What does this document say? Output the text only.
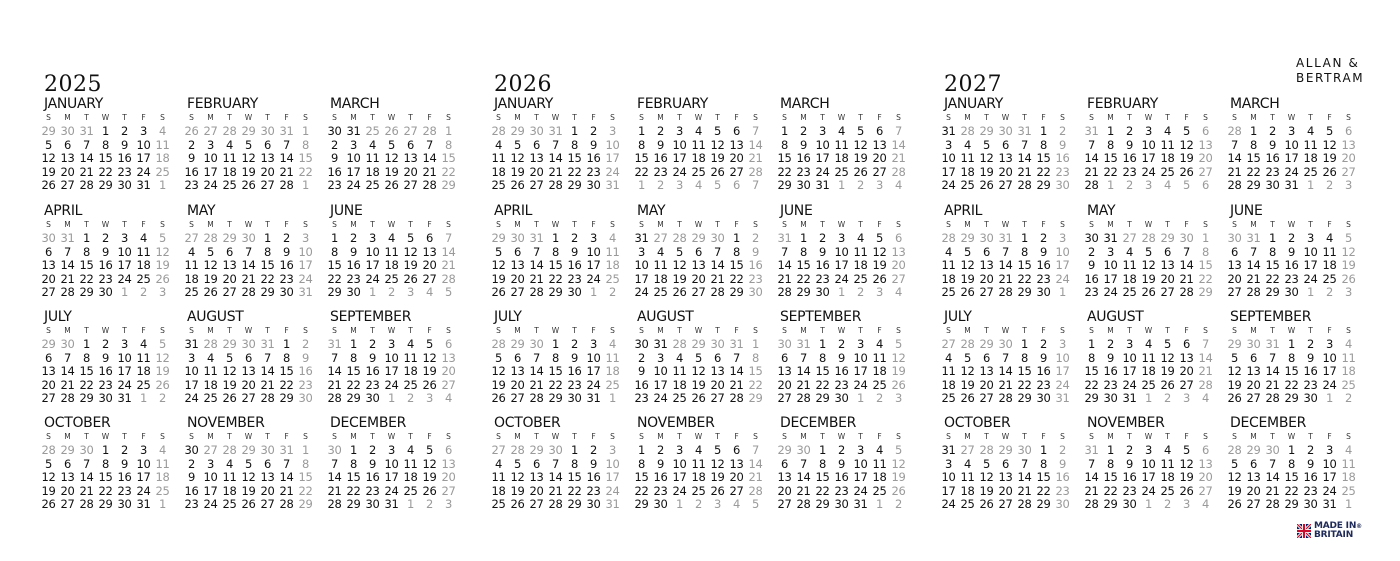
2025
JANUARY
S	M	T	W	T	F	S
29 30 31 1	2	3	4
5	6	7	8	9 10 11
12 13 14 15 16 17 18
19 20 21 22 23 24 25
26 27 28 29 30 31 1
FEBRUARY
S	M	T	W	T	F	S
26 27 28 29 30 31 1
2	3	4	5	6	7	8
9 10 11 12 13 14 15
16 17 18 19 20 21 22
23 24 25 26 27 28 1
MARCH
S	M	T	W	T	F	S
30 31 25 26 27 28 1
2	3	4	5	6	7	8
9 10 11 12 13 14 15
16 17 18 19 20 21 22
23 24 25 26 27 28 29
APRIL
S	M	T	W	T	F	S
30 31 1	2	3	4	5
6	7	8	9 10 11 12
13 14 15 16 17 18 19
20 21 22 23 24 25 26
27 28 29 30 1	2	3
MAY
S	M	T	W	T	F	S
27 28 29 30 1	2	3
4	5	6	7	8	9 10
11 12 13 14 15 16 17
18 19 20 21 22 23 24
25 26 27 28 29 30 31
JUNE
S	M	T	W	T	F	S
1	2	3	4	5	6	7
8	9 10 11 12 13 14
15 16 17 18 19 20 21
22 23 24 25 26 27 28
29 30 1	2	3	4	5
JULY
S	M	T	W	T	F	S
29 30 1	2	3	4	5
6	7	8	9 10 11 12
13 14 15 16 17 18 19
20 21 22 23 24 25 26
27 28 29 30 31 1	2
AUGUST
S	M	T	W	T	F	S
31 28 29 30 31 1	2
3	4	5	6	7	8	9
10 11 12 13 14 15 16
17 18 19 20 21 22 23
24 25 26 27 28 29 30
SEPTEMBER
S	M	T	W	T	F	S
31 1	2	3	4	5	6
7	8	9 10 11 12 13
14 15 16 17 18 19 20
21 22 23 24 25 26 27
28 29 30 1	2	3	4
OCTOBER
S	M	T	W	T	F	S
28 29 30 1	2	3	4
5	6	7	8	9 10 11
12 13 14 15 16 17 18
19 20 21 22 23 24 25
26 27 28 29 30 31 1
NOVEMBER
S	M	T	W	T	F	S
30 27 28 29 30 31 1
2	3	4	5	6	7	8
9 10 11 12 13 14 15
16 17 18 19 20 21 22
23 24 25 26 27 28 29
DECEMBER
S	M	T	W	T	F	S
30 1	2	3	4	5	6
7	8	9 10 11 12 13
14 15 16 17 18 19 20
21 22 23 24 25 26 27
28 29 30 31 1	2	3
2026
JANUARY
S	M	T	W	T	F	S
28 29 30 31 1	2	3
4	5	6	7	8	9 10
11 12 13 14 15 16 17
18 19 20 21 22 23 24
25 26 27 28 29 30 31
FEBRUARY
S	M	T	W	T	F	S
1	2	3	4	5	6	7
8	9 10 11 12 13 14
15 16 17 18 19 20 21
22 23 24 25 26 27 28
1	2	3	4	5	6	7
MARCH
S	M	T	W	T	F	S
1	2	3	4	5	6	7
8	9 10 11 12 13 14
15 16 17 18 19 20 21
22 23 24 25 26 27 28
29 30 31 1	2	3	4
APRIL
S	M	T	W	T	F	S
29 30 31 1	2	3	4
5	6	7	8	9 10 11
12 13 14 15 16 17 18
19 20 21 22 23 24 25
26 27 28 29 30 1	2
MAY
S	M	T	W	T	F	S
31 27 28 29 30 1	2
3	4	5	6	7	8	9
10 11 12 13 14 15 16
17 18 19 20 21 22 23
24 25 26 27 28 29 30
JUNE
S	M	T	W	T	F	S
31 1	2	3	4	5	6
7	8	9 10 11 12 13
14 15 16 17 18 19 20
21 22 23 24 25 26 27
28 29 30 1	2	3	4
JULY
S	M	T	W	T	F	S
28 29 30 1	2	3	4
5	6	7	8	9 10 11
12 13 14 15 16 17 18
19 20 21 22 23 24 25
26 27 28 29 30 31 1
AUGUST
S	M	T	W	T	F	S
30 31 28 29 30 31 1
2	3	4	5	6	7	8
9 10 11 12 13 14 15
16 17 18 19 20 21 22
23 24 25 26 27 28 29
SEPTEMBER
S	M	T	W	T	F	S
30 31 1	2	3	4	5
6	7	8	9 10 11 12
13 14 15 16 17 18 19
20 21 22 23 24 25 26
27 28 29 30 1	2	3
OCTOBER
S	M	T	W	T	F	S
27 28 29 30 1	2	3
4	5	6	7	8	9 10
11 12 13 14 15 16 17
18 19 20 21 22 23 24
25 26 27 28 29 30 31
NOVEMBER
S	M	T	W	T	F	S
1	2	3	4	5	6	7
8	9 10 11 12 13 14
15 16 17 18 19 20 21
22 23 24 25 26 27 28
29 30 1	2	3	4	5
DECEMBER
S	M	T	W	T	F	S
29 30 1	2	3	4	5
6	7	8	9 10 11 12
13 14 15 16 17 18 19
20 21 22 23 24 25 26
27 28 29 30 31 1	2
2027
JANUARY
S	M	T	W	T	F	S
31 28 29 30 31 1	2
3	4	5	6	7	8	9
10 11 12 13 14 15 16
17 18 19 20 21 22 23
24 25 26 27 28 29 30
FEBRUARY
S	M	T	W	T	F	S
31 1	2	3	4	5	6
7	8	9 10 11 12 13
14 15 16 17 18 19 20
21 22 23 24 25 26 27
28 1	2	3	4	5	6
MARCH
S	M	T	W	T	F	S
28 1	2	3	4	5	6
7	8	9 10 11 12 13
14 15 16 17 18 19 20
21 22 23 24 25 26 27
28 29 30 31 1	2	3
APRIL
S	M	T	W	T	F	S
28 29 30 31 1	2	3
4	5	6	7	8	9 10
11 12 13 14 15 16 17
18 19 20 21 22 23 24
25 26 27 28 29 30 1
MAY
S	M	T	W	T	F	S
30 31 27 28 29 30 1
2	3	4	5	6	7	8
9 10 11 12 13 14 15
16 17 18 19 20 21 22
23 24 25 26 27 28 29
JUNE
S	M	T	W	T	F	S
30 31 1	2	3	4	5
6	7	8	9 10 11 12
13 14 15 16 17 18 19
20 21 22 23 24 25 26
27 28 29 30 1	2	3
JULY
S	M	T	W	T	F	S
27 28 29 30 1	2	3
4	5	6	7	8	9 10
11 12 13 14 15 16 17
18 19 20 21 22 23 24
25 26 27 28 29 30 31
AUGUST
S	M	T	W	T	F	S
1	2	3	4	5	6	7
8	9 10 11 12 13 14
15 16 17 18 19 20 21
22 23 24 25 26 27 28
29 30 31 1	2	3	4
SEPTEMBER
S	M	T	W	T	F	S
29 30 31 1	2	3	4
5	6	7	8	9 10 11
12 13 14 15 16 17 18
19 20 21 22 23 24 25
26 27 28 29 30 1	2
OCTOBER
S	M	T	W	T	F	S
31 27 28 29 30 1	2
3	4	5	6	7	8	9
10 11 12 13 14 15 16
17 18 19 20 21 22 23
24 25 26 27 28 29 30
NOVEMBER
S	M	T	W	T	F	S
31 1	2	3	4	5	6
7	8	9 10 11 12 13
14 15 16 17 18 19 20
21 22 23 24 25 26 27
28 29 30 1	2	3	4
DECEMBER
S	M	T	W	T	F	S
28 29 30 1	2	3	4
5	6	7	8	9 10 11
12 13 14 15 16 17 18
19 20 21 22 23 24 25
26 27 28 29 30 31 1
ALLAN &
BERTRAM
MADE IN®
BRITAIN
